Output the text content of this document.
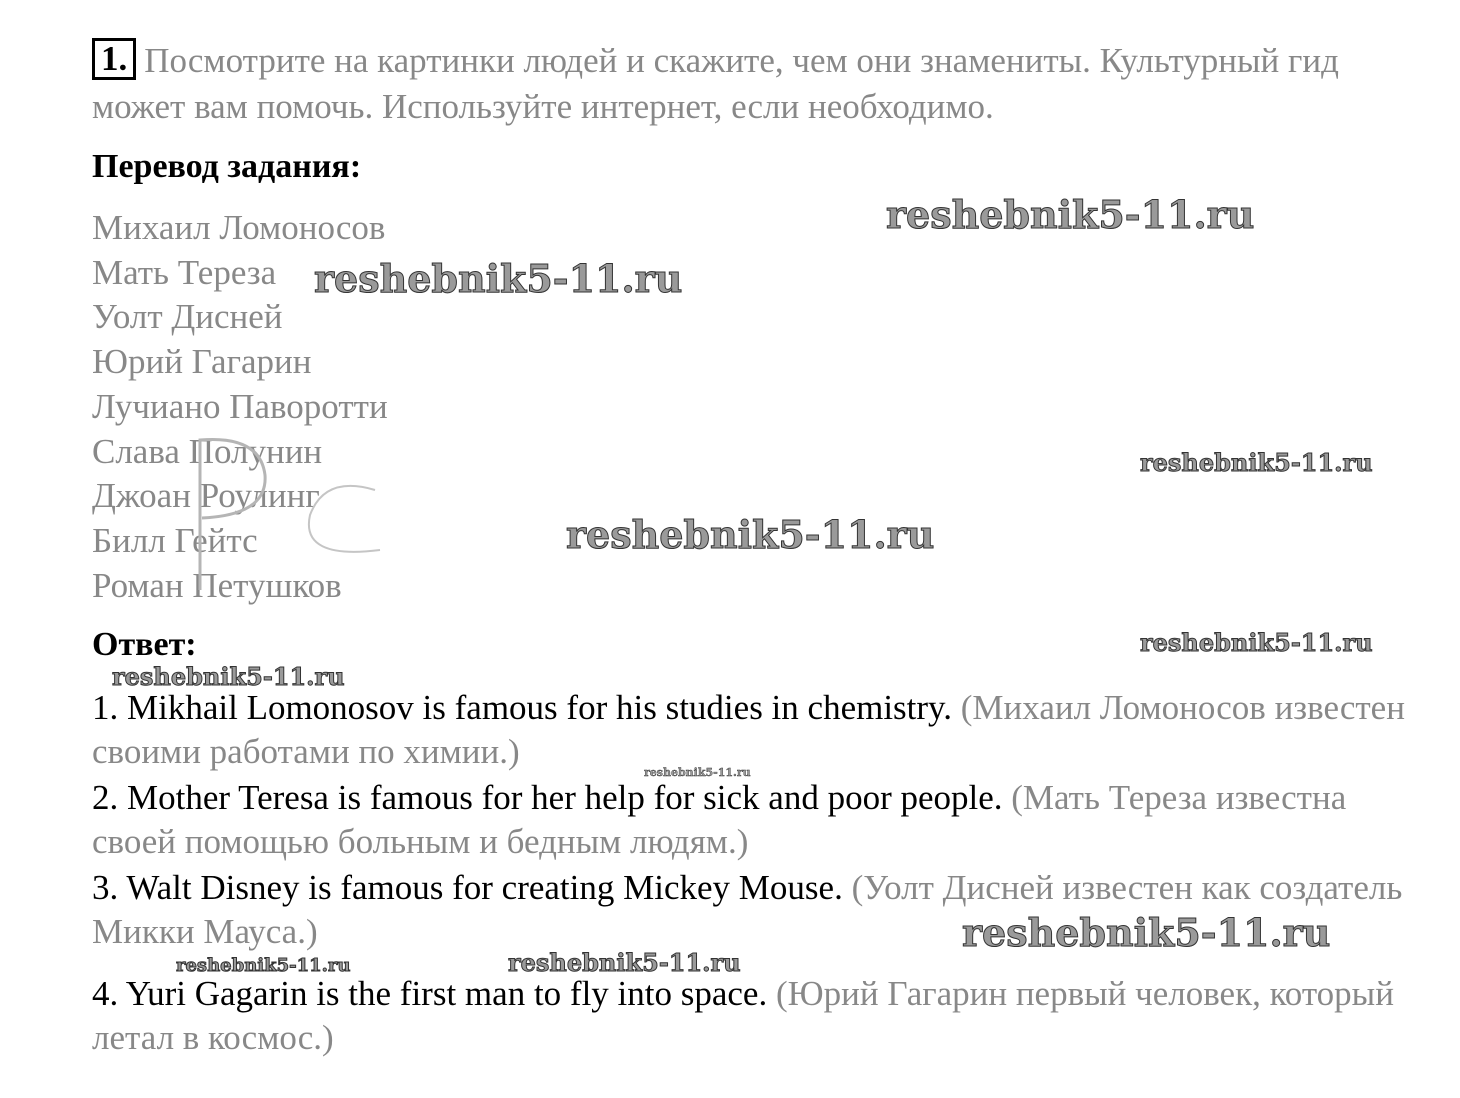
1. Посмотрите на картинки людей и скажите, чем они знамениты. Культурный гид может вам помочь. Используйте интернет, если необходимо.
Перевод задания:
Михаил Ломоносов
Мать Тереза
Уолт Дисней
Юрий Гагарин
Лучиано Паворотти
Слава Полунин
Джоан Роулинг
Билл Гейтс
Роман Петушков
Ответ:

1. Mikhail Lomonosov is famous for his studies in chemistry. (Михаил Ломоносов известен своими работами по химии.)

2. Mother Teresa is famous for her help for sick and poor people. (Мать Тереза известна своей помощью больным и бедным людям.)

3. Walt Disney is famous for creating Mickey Mouse. (Уолт Дисней известен как создатель Микки Мауса.)

4. Yuri Gagarin is the first man to fly into space. (Юрий Гагарин первый человек, который летал в космос.)

reshebnik5-11.ru
reshebnik5-11.ru
reshebnik5-11.ru
reshebnik5-11.ru
reshebnik5-11.ru
reshebnik5-11.ru
reshebnik5-11.ru
reshebnik5-11.ru
reshebnik5-11.ru
reshebnik5-11.ru
